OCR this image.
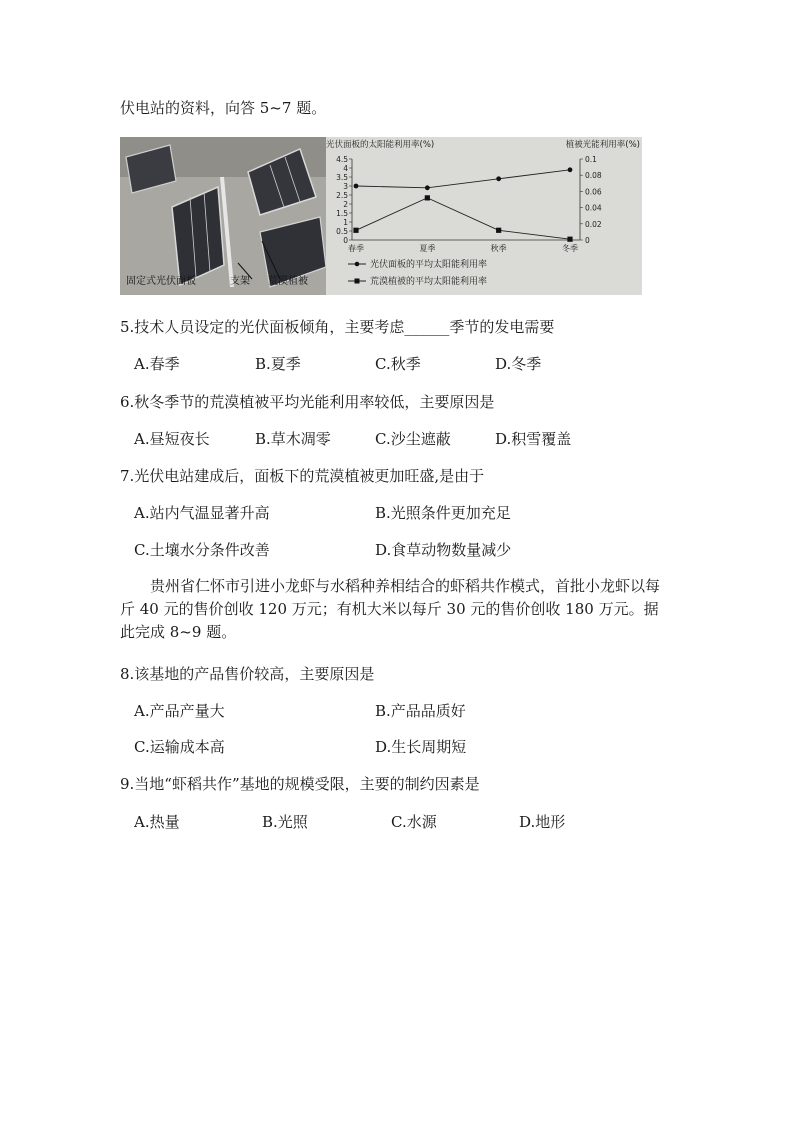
伏电站的资料，向答 5~7 题。
固定式光伏面板	支架 荒漠植被
光伏面板的太阳能利用率(%)	植被光能利用率(%)
0
0.5
1
1.5
2
2.5
3
3.5
4
4.5
0
0.02
0.04
0.06
0.08
0.1
春季	夏季	秋季	冬季
光伏面板的平均太阳能利用率
荒漠植被的平均太阳能利用率
5.技术人员设定的光伏面板倾角，主要考虑______季节的发电需要
A.春季	B.夏季	C.秋季	D.冬季
6.秋冬季节的荒漠植被平均光能利用率较低，主要原因是
A.昼短夜长	B.草木凋零	C.沙尘遮蔽	D.积雪覆盖
7.光伏电站建成后，面板下的荒漠植被更加旺盛,是由于
A.站内气温显著升高	B.光照条件更加充足
C.土壤水分条件改善	D.食草动物数量减少
贵州省仁怀市引进小龙虾与水稻种养相结合的虾稻共作模式，首批小龙虾以每斤 40 元的售价创收 120 万元；有机大米以每斤 30 元的售价创收 180 万元。据此完成 8~9 题。
8.该基地的产品售价较高，主要原因是
A.产品产量大	B.产品品质好
C.运输成本高	D.生长周期短
9.当地“虾稻共作”基地的规模受限，主要的制约因素是
A.热量	B.光照	C.水源	D.地形
